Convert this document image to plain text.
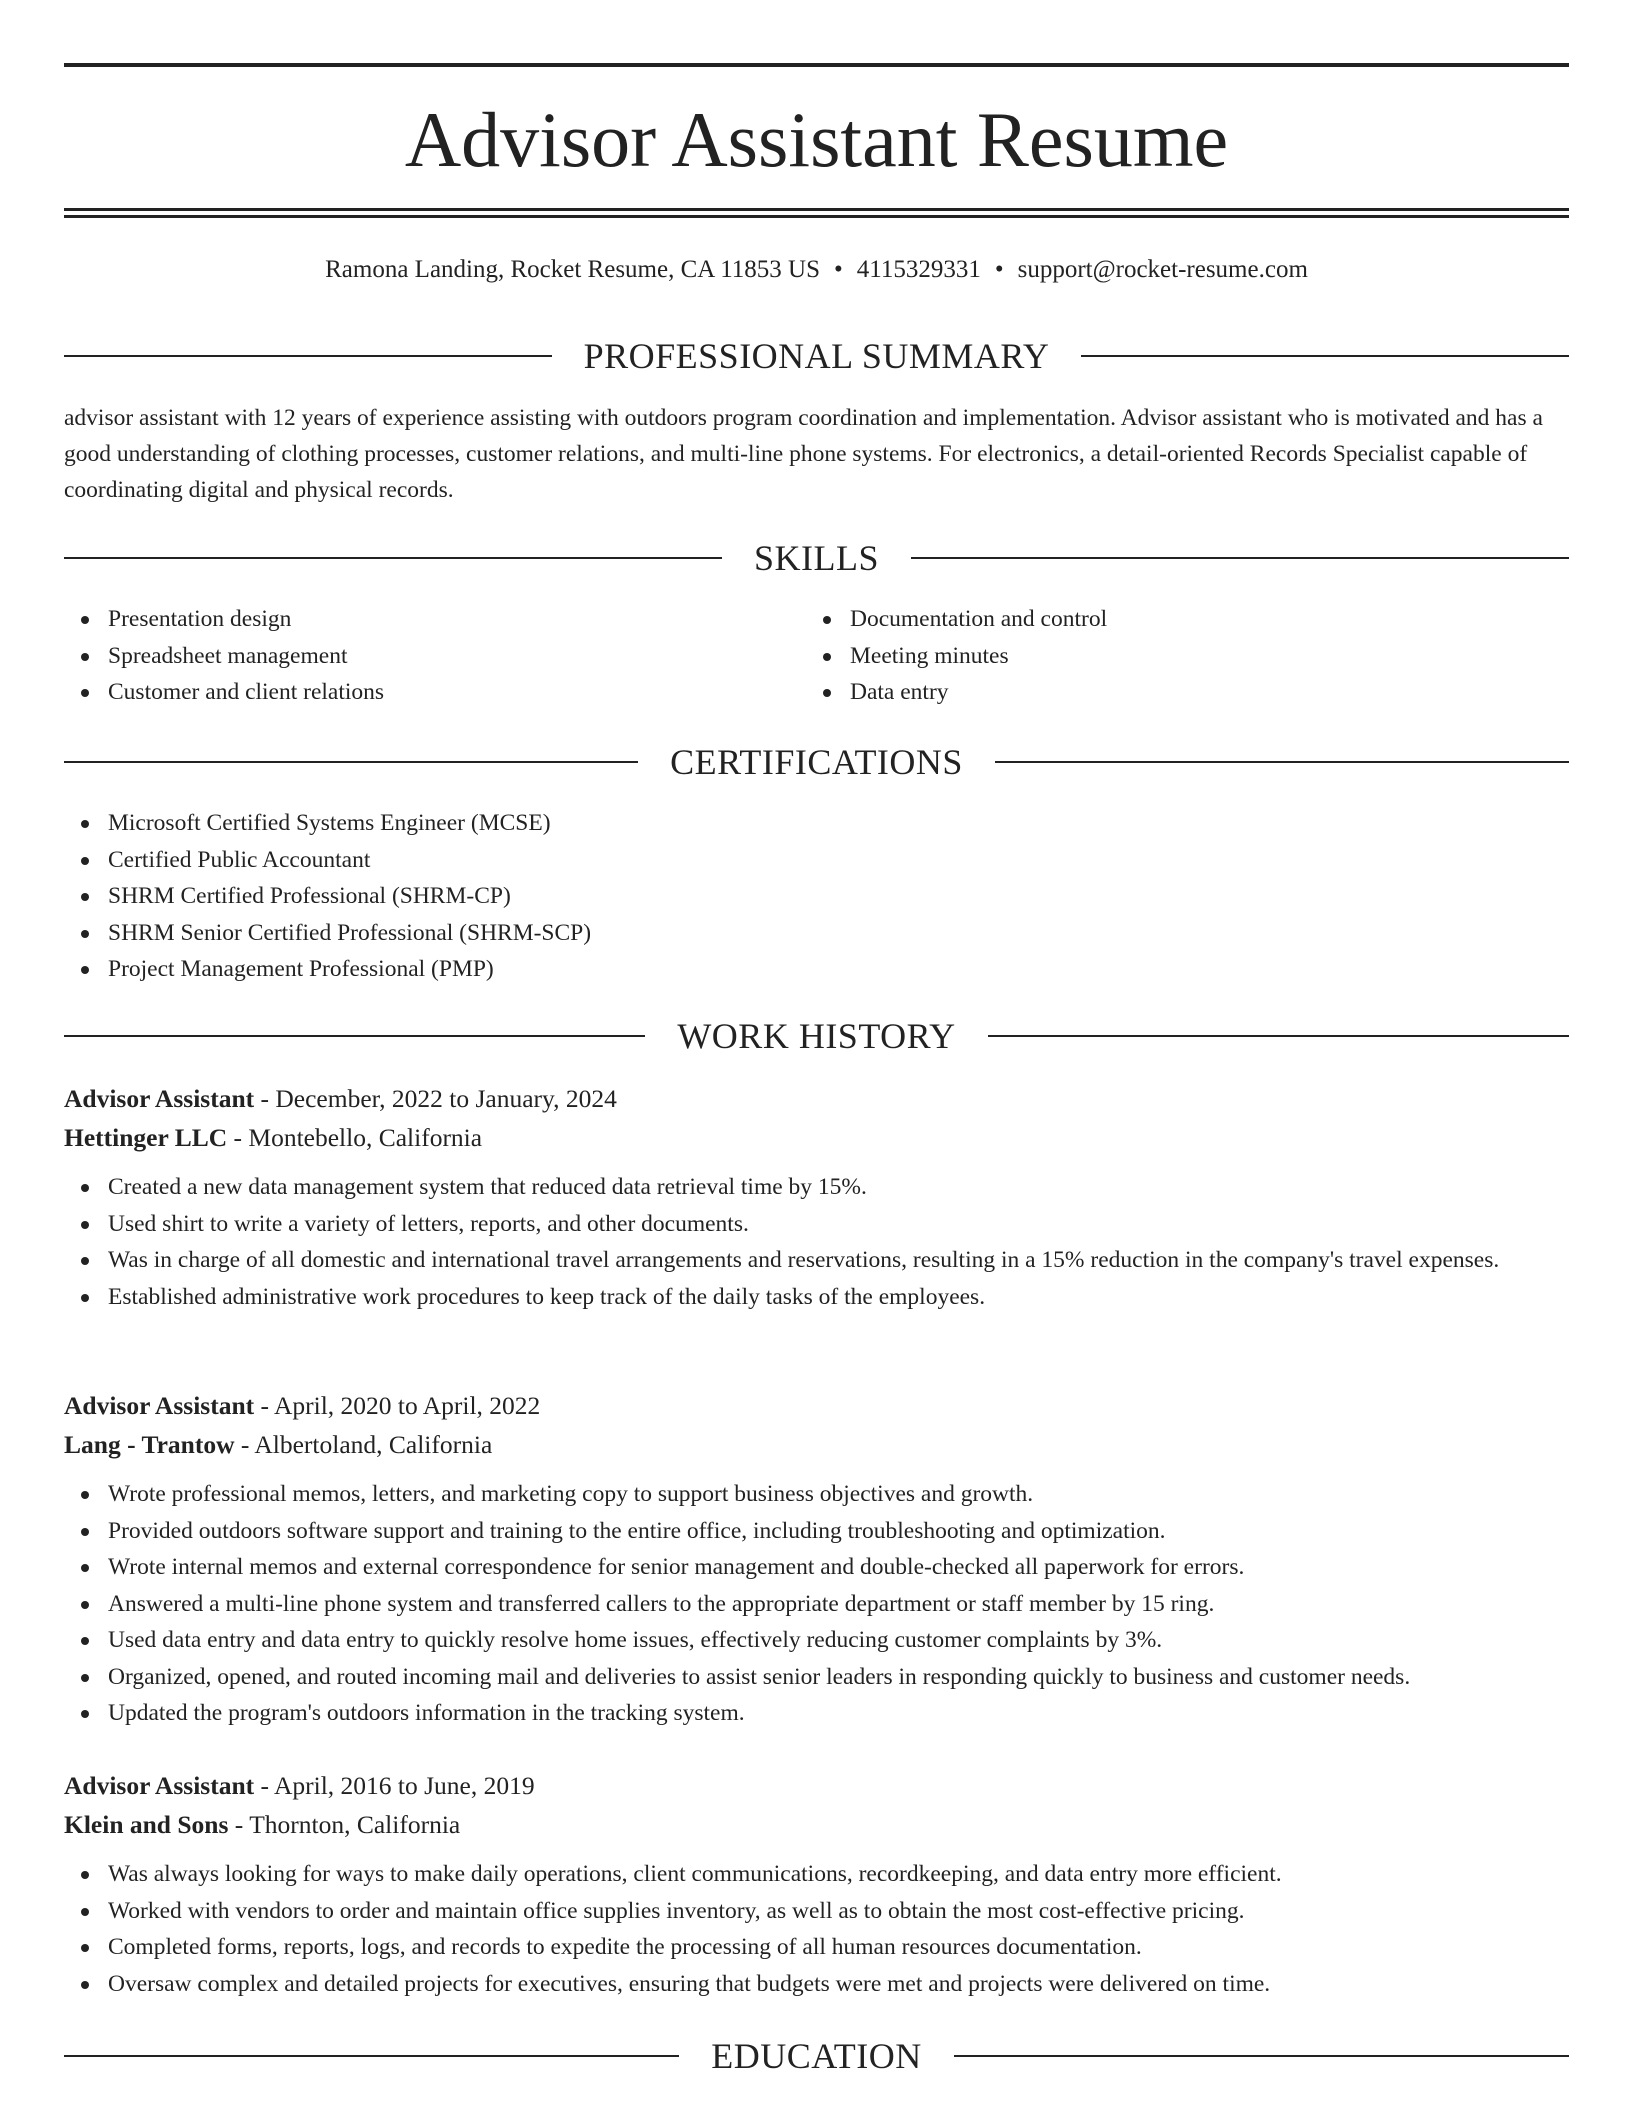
Advisor Assistant Resume
Ramona Landing, Rocket Resume, CA 11853 US • 4115329331 • support@rocket-resume.com
PROFESSIONAL SUMMARY

advisor assistant with 12 years of experience assisting with outdoors program coordination and implementation. Advisor assistant who is motivated and has a good understanding of clothing processes, customer relations, and multi-line phone systems. For electronics, a detail-oriented Records Specialist capable of coordinating digital and physical records.

SKILLS
Presentation design
Spreadsheet management
Customer and client relations
Documentation and control
Meeting minutes
Data entry
CERTIFICATIONS
Microsoft Certified Systems Engineer (MCSE)
Certified Public Accountant
SHRM Certified Professional (SHRM-CP)
SHRM Senior Certified Professional (SHRM-SCP)
Project Management Professional (PMP)
WORK HISTORY
Advisor Assistant - December, 2022 to January, 2024
Hettinger LLC - Montebello, California
Created a new data management system that reduced data retrieval time by 15%.
Used shirt to write a variety of letters, reports, and other documents.
Was in charge of all domestic and international travel arrangements and reservations, resulting in a 15% reduction in the company's travel expenses.
Established administrative work procedures to keep track of the daily tasks of the employees.
Advisor Assistant - April, 2020 to April, 2022
Lang - Trantow - Albertoland, California
Wrote professional memos, letters, and marketing copy to support business objectives and growth.
Provided outdoors software support and training to the entire office, including troubleshooting and optimization.
Wrote internal memos and external correspondence for senior management and double-checked all paperwork for errors.
Answered a multi-line phone system and transferred callers to the appropriate department or staff member by 15 ring.
Used data entry and data entry to quickly resolve home issues, effectively reducing customer complaints by 3%.
Organized, opened, and routed incoming mail and deliveries to assist senior leaders in responding quickly to business and customer needs.
Updated the program's outdoors information in the tracking system.
Advisor Assistant - April, 2016 to June, 2019
Klein and Sons - Thornton, California
Was always looking for ways to make daily operations, client communications, recordkeeping, and data entry more efficient.
Worked with vendors to order and maintain office supplies inventory, as well as to obtain the most cost-effective pricing.
Completed forms, reports, logs, and records to expedite the processing of all human resources documentation.
Oversaw complex and detailed projects for executives, ensuring that budgets were met and projects were delivered on time.
EDUCATION
